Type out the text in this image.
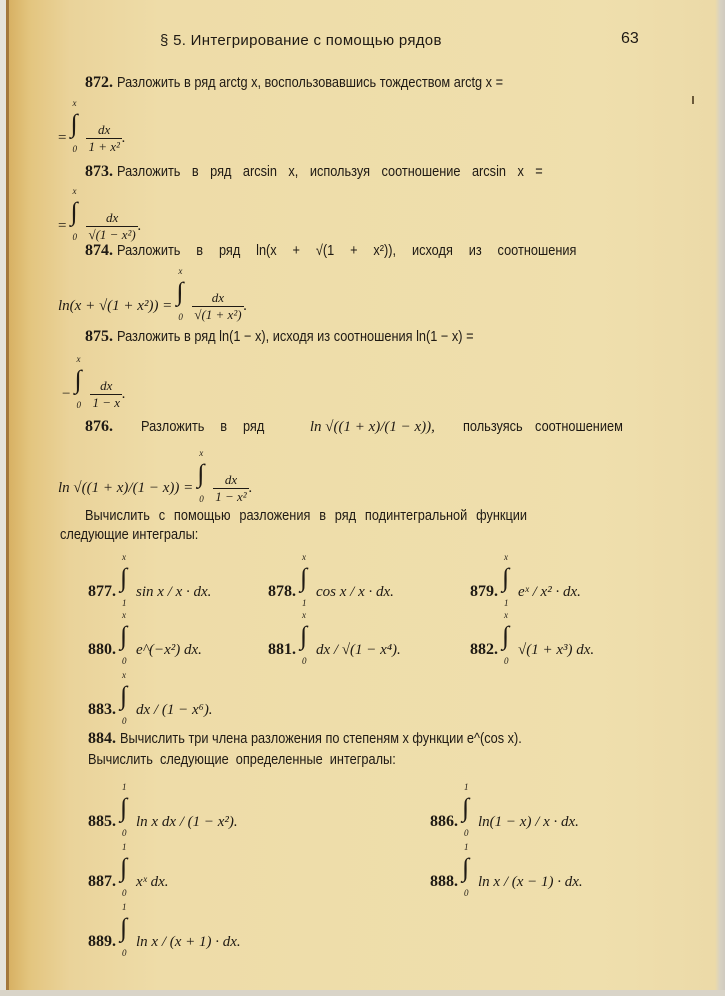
§ 5. Интегрирование с помощью рядов	63
872. Разложить в ряд arctg x, воспользовавшись тождеством arctg x =
=
x
∫
0
$\frac{dx}{\text{1 + x²}}$ .
873. Разложить в ряд arcsin x, используя соотношение arcsin x =
=
x
∫
0
$\frac{dx}{\text{√(1 − x²)}}$ .
874. Разложить в ряд ln(x + √(1 + x²)), исходя из соотношения
ln(x + √(1 + x²)) =
x
∫
0
$\frac{dx}{\text{√(1 + x²)}}$ .
875. Разложить в ряд ln(1 − x), исходя из соотношения ln(1 − x) =
−
x
∫
0
$\frac{dx}{1 - x}$ .
876. Разложить в ряд	ln √((1 + x)/(1 − x)), пользуясь соотношением
ln √((1 + x)/(1 − x)) =
x
∫
0
$\frac{dx}{\text{1 − x²}}$ .
Вычислить с помощью разложения в ряд подинтегральной функции
следующие интегралы:
877.
x
∫
1
sin x / x · dx.	878.
x
∫
1
cos x / x · dx.	879.
x
∫
1
eˣ / x² · dx.
880.
x
∫
0
e^(−x²) dx.	881.
x
∫
0
dx / √(1 − x⁴).	882.
x
∫
0
√(1 + x³) dx.
883.
x
∫
0
dx / (1 − x⁶).
884. Вычислить три члена разложения по степеням x функции e^(cos x).
Вычислить следующие определенные интегралы:
885.
1
∫
0
ln x dx / (1 − x²).	886.
1
∫
0
ln(1 − x) / x · dx.
887.
1
∫
0
xˣ dx.	888.
1
∫
0
ln x / (x − 1) · dx.
889.
1
∫
0
ln x / (x + 1) · dx.
